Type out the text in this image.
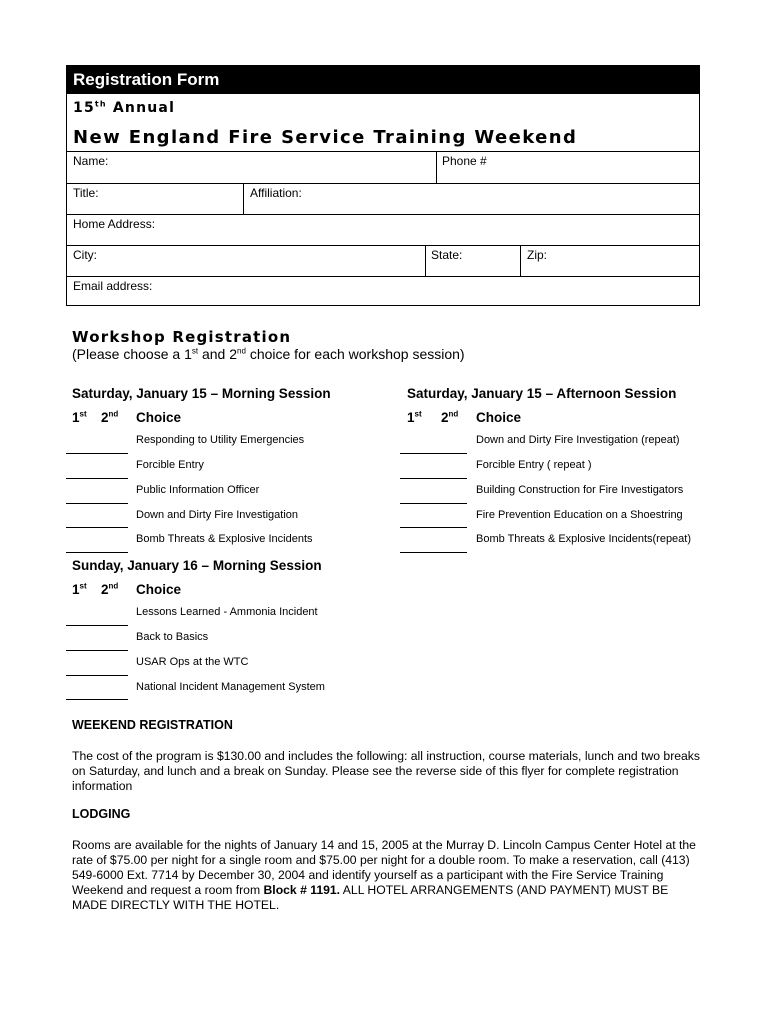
Registration Form
15th Annual
New England Fire Service Training Weekend
Name:	Phone #
Title:	Affiliation:
Home Address:
City:	State:	Zip:
Email address:
Workshop Registration
(Please choose a 1st and 2nd choice for each workshop session)
Saturday, January 15 – Morning Session
1st 2nd Choice
Responding to Utility Emergencies
Forcible Entry
Public Information Officer
Down and Dirty Fire Investigation
Bomb Threats & Explosive Incidents
Saturday, January 15 – Afternoon Session
1st 2nd Choice
Down and Dirty Fire Investigation (repeat)
Forcible Entry ( repeat )
Building Construction for Fire Investigators
Fire Prevention Education on a Shoestring
Bomb Threats & Explosive Incidents(repeat)
Sunday, January 16 – Morning Session
1st 2nd Choice
Lessons Learned - Ammonia Incident
Back to Basics
USAR Ops at the WTC
National Incident Management System
WEEKEND REGISTRATION
The cost of the program is $130.00 and includes the following: all instruction, course materials, lunch and two breaks on Saturday, and lunch and a break on Sunday. Please see the reverse side of this flyer for complete registration information
LODGING
Rooms are available for the nights of January 14 and 15, 2005 at the Murray D. Lincoln Campus Center Hotel at the rate of $75.00 per night for a single room and $75.00 per night for a double room. To make a reservation, call (413) 549-6000 Ext. 7714 by December 30, 2004 and identify yourself as a participant with the Fire Service Training Weekend and request a room from Block # 1191. ALL HOTEL ARRANGEMENTS (AND PAYMENT) MUST BE MADE DIRECTLY WITH THE HOTEL.
